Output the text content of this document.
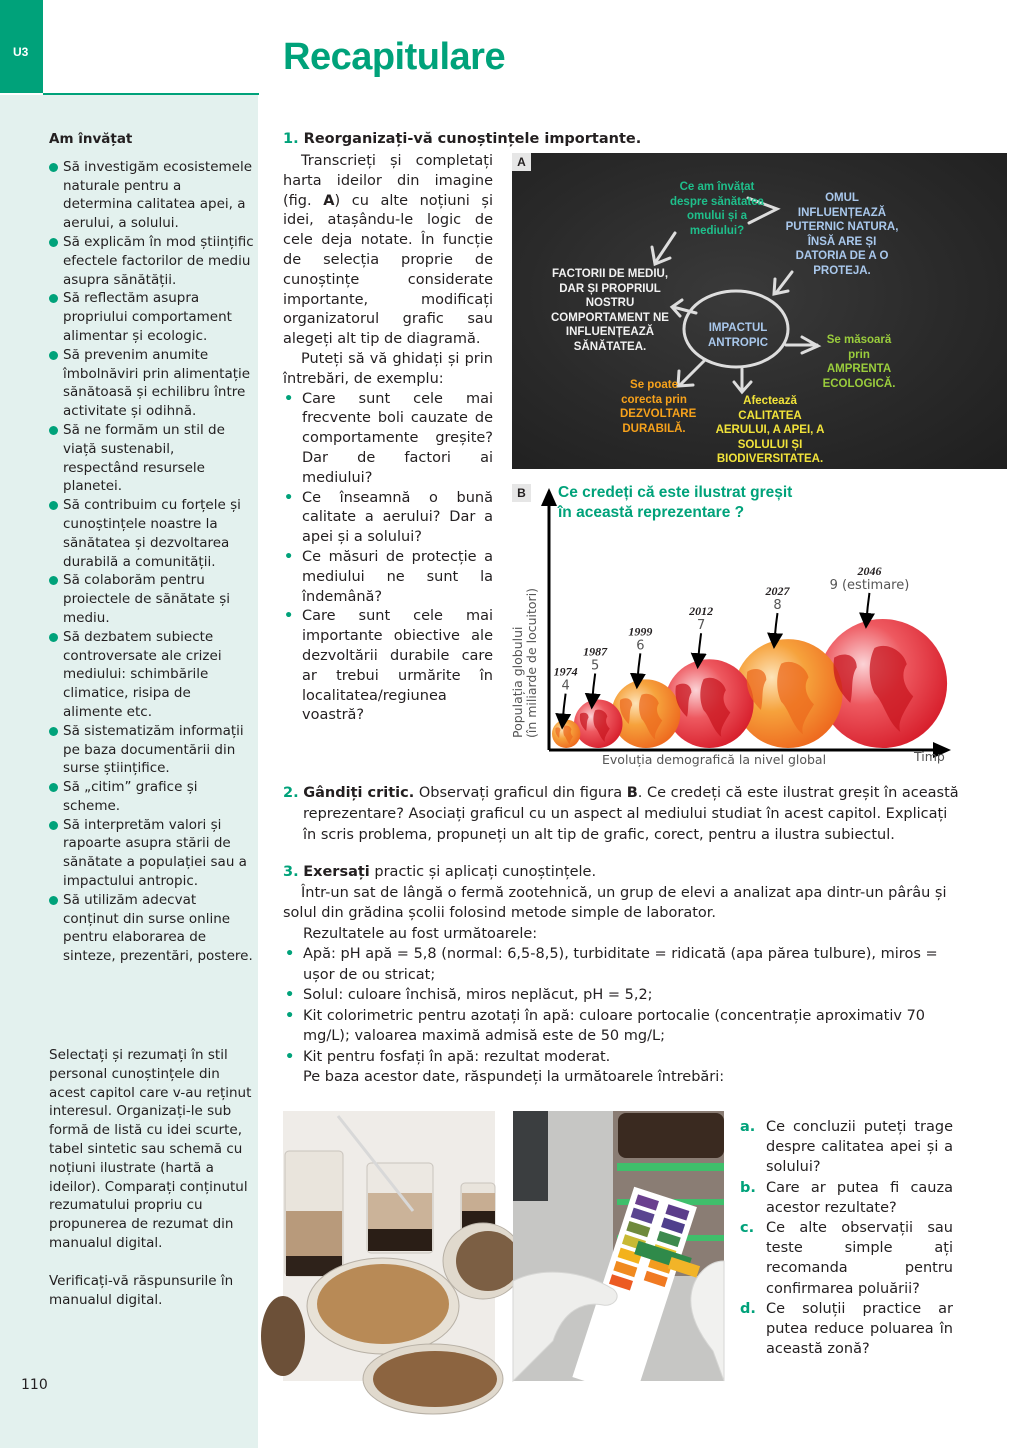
U3	Recapitulare
Am învățat
Să investigăm ecosistemele naturale pentru a determina calitatea apei, a aerului, a solului.
Să explicăm în mod științific efectele factorilor de mediu asupra sănătății.
Să reflectăm asupra propriului comportament alimentar și ecologic.
Să prevenim anumite îmbolnăviri prin alimentație sănătoasă și echilibru între activitate și odihnă.
Să ne formăm un stil de viață sustenabil, respectând resursele planetei.
Să contribuim cu forțele și cunoștințele noastre la sănătatea și dezvoltarea durabilă a comunității.
Să colaborăm pentru proiectele de sănătate și mediu.
Să dezbatem subiecte controversate ale crizei mediului: schimbările climatice, risipa de alimente etc.
Să sistematizăm informații pe baza documentării din surse științifice.
Să „citim” grafice și scheme.
Să interpretăm valori și rapoarte asupra stării de sănătate a populației sau a impactului antropic.
Să utilizăm adecvat conținut din surse online pentru elaborarea de sinteze, prezentări, postere.

Selectați și rezumați în stil personal cunoștințele din acest capitol care v-au reținut interesul. Organizați-le sub formă de listă cu idei scurte, tabel sintetic sau schemă cu noțiuni ilustrate (hartă a ideilor). Comparați conținutul rezumatului propriu cu propunerea de rezumat din manualul digital.

Verificați-vă răspunsurile în manualul digital.

110
1. Reorganizați-vă cunoștințele importante.

Transcrieți și completați harta ideilor din imagine (fig. A) cu alte noțiuni și idei, atașându-le logic de cele deja notate. În funcție de selecția proprie de cunoștințe considerate importante, modificați organizatorul grafic sau alegeți alt tip de diagramă.

Puteți să vă ghidați și prin întrebări, de exemplu:

• Care sunt cele mai frecvente boli cauzate de comportamente greșite? Dar de factori ai mediului?
• Ce înseamnă o bună calitate a aerului? Dar a apei și a solului?
• Ce măsuri de protecție a mediului ne sunt la îndemână?
• Care sunt cele mai importante obiective ale dezvoltării durabile care ar trebui urmărite în localitatea/regiunea voastră?
A
Ce am învățat despre sănătatea omului și a mediului?
OMUL INFLUENȚEAZĂ PUTERNIC NATURA, ÎNSĂ ARE ȘI DATORIA DE A O PROTEJA.
FACTORII DE MEDIU, DAR ȘI PROPRIUL NOSTRU COMPORTAMENT NE INFLUENȚEAZĂ SĂNĂTATEA.
IMPACTUL ANTROPIC	Se măsoară prin AMPRENTA ECOLOGICĂ.
Se poate corecta prin DEZVOLTARE DURABILĂ.
Afectează CALITATEA AERULUI, A APEI, A SOLULUI ȘI BIODIVERSITATEA.
4
1974 5
1987 6
1999	7
2012	8
2027	9 (estimare)
2046
Evoluția demografică la nivel global	Timp
Populația globului (în miliarde de locuitori)
B	Ce credeți că este ilustrat greșit în această reprezentare ?

2. Gândiți critic. Observați graficul din figura B. Ce credeți că este ilustrat greșit în această reprezentare? Asociați graficul cu un aspect al mediului studiat în acest capitol. Explicați în scris problema, propuneți un alt tip de grafic, corect, pentru a ilustra subiectul.

3. Exersați practic și aplicați cunoștințele.

Într-un sat de lângă o fermă zootehnică, un grup de elevi a analizat apa dintr-un pârâu și solul din grădina școlii folosind metode simple de laborator.

Rezultatele au fost următoarele:

• Apă: pH apă = 5,8 (normal: 6,5-8,5), turbiditate = ridicată (apa părea tulbure), miros = ușor de ou stricat;
• Solul: culoare închisă, miros neplăcut, pH = 5,2;
• Kit colorimetric pentru azotați în apă: culoare portocalie (concentrație aproximativ 70 mg/L); valoarea maximă admisă este de 50 mg/L;
• Kit pentru fosfați în apă: rezultat moderat.

Pe baza acestor date, răspundeți la următoarele întrebări:

a. Ce concluzii puteți trage despre calitatea apei și a solului?
b. Care ar putea fi cauza acestor rezultate?
c. Ce alte observații sau teste simple ați recomanda pentru confirmarea poluării?
d. Ce soluții practice ar putea reduce poluarea în această zonă?
